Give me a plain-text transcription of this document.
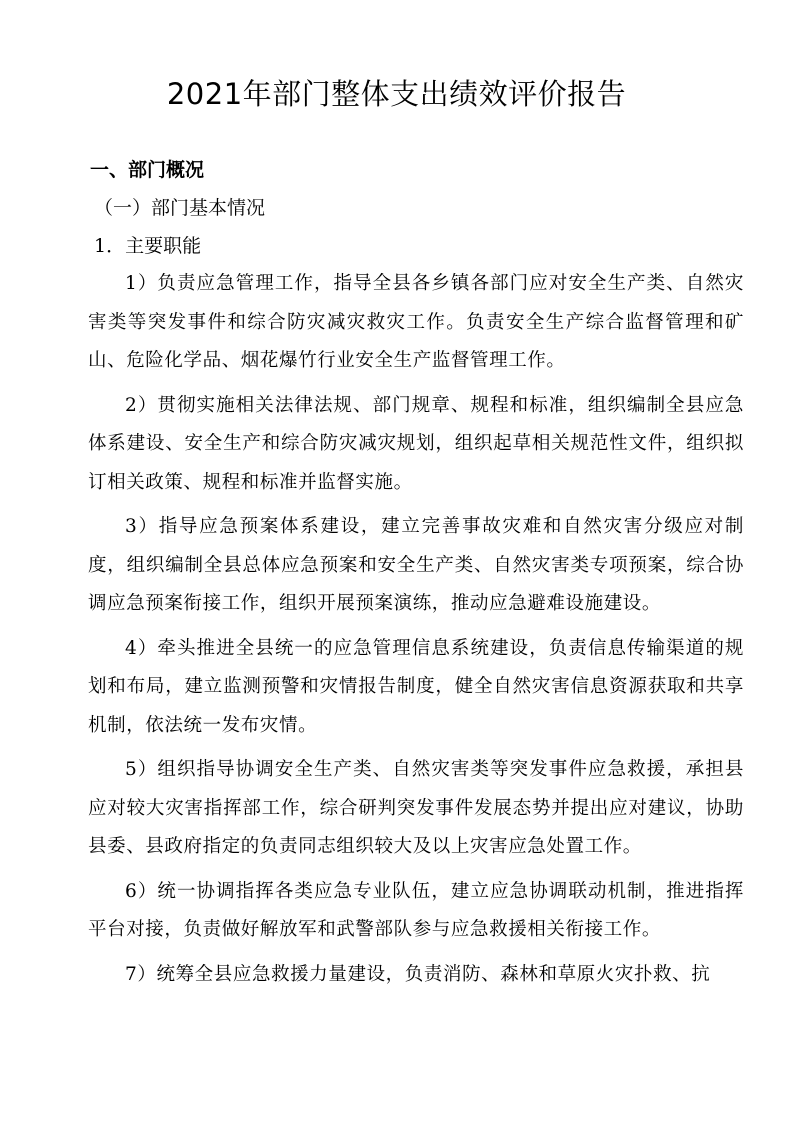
2021年部门整体支出绩效评价报告

一、部门概况

（一）部门基本情况

1．主要职能

1）负责应急管理工作，指导全县各乡镇各部门应对安全生产类、自然灾害类等突发事件和综合防灾减灾救灾工作。负责安全生产综合监督管理和矿山、危险化学品、烟花爆竹行业安全生产监督管理工作。

2）贯彻实施相关法律法规、部门规章、规程和标准，组织编制全县应急体系建设、安全生产和综合防灾减灾规划，组织起草相关规范性文件，组织拟订相关政策、规程和标准并监督实施。

3）指导应急预案体系建设，建立完善事故灾难和自然灾害分级应对制度，组织编制全县总体应急预案和安全生产类、自然灾害类专项预案，综合协调应急预案衔接工作，组织开展预案演练，推动应急避难设施建设。

4）牵头推进全县统一的应急管理信息系统建设，负责信息传输渠道的规划和布局，建立监测预警和灾情报告制度，健全自然灾害信息资源获取和共享机制，依法统一发布灾情。

5）组织指导协调安全生产类、自然灾害类等突发事件应急救援，承担县应对较大灾害指挥部工作，综合研判突发事件发展态势并提出应对建议，协助县委、县政府指定的负责同志组织较大及以上灾害应急处置工作。

6）统一协调指挥各类应急专业队伍，建立应急协调联动机制，推进指挥平台对接，负责做好解放军和武警部队参与应急救援相关衔接工作。

7）统筹全县应急救援力量建设，负责消防、森林和草原火灾扑救、抗
